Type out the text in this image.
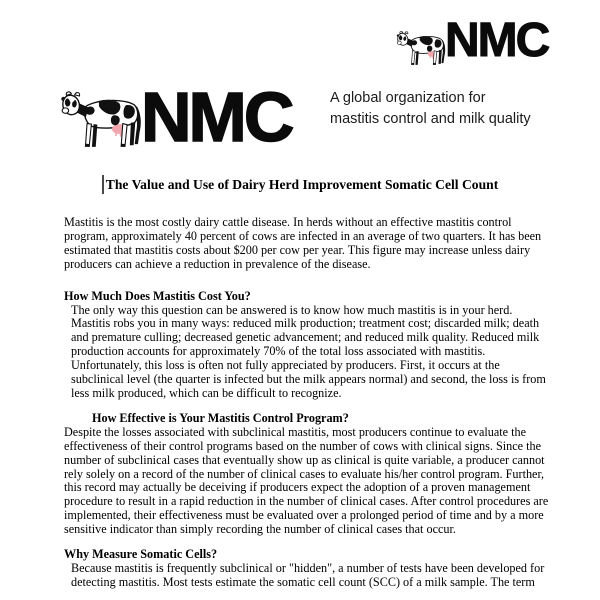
NMC
NMC	A global organization for
mastitis control and milk quality
The Value and Use of Dairy Herd Improvement Somatic Cell Count

Mastitis is the most costly dairy cattle disease. In herds without an effective mastitis control program, approximately 40 percent of cows are infected in an average of two quarters. It has been estimated that mastitis costs about $200 per cow per year. This figure may increase unless dairy producers can achieve a reduction in prevalence of the disease.

How Much Does Mastitis Cost You?

The only way this question can be answered is to know how much mastitis is in your herd. Mastitis robs you in many ways: reduced milk production; treatment cost; discarded milk; death and premature culling; decreased genetic advancement; and reduced milk quality. Reduced milk production accounts for approximately 70% of the total loss associated with mastitis. Unfortunately, this loss is often not fully appreciated by producers. First, it occurs at the subclinical level (the quarter is infected but the milk appears normal) and second, the loss is from less milk produced, which can be difficult to recognize.

How Effective is Your Mastitis Control Program?

Despite the losses associated with subclinical mastitis, most producers continue to evaluate the effectiveness of their control programs based on the number of cows with clinical signs. Since the number of subclinical cases that eventually show up as clinical is quite variable, a producer cannot rely solely on a record of the number of clinical cases to evaluate his/her control program. Further, this record may actually be deceiving if producers expect the adoption of a proven management procedure to result in a rapid reduction in the number of clinical cases. After control procedures are implemented, their effectiveness must be evaluated over a prolonged period of time and by a more sensitive indicator than simply recording the number of clinical cases that occur.

Why Measure Somatic Cells?

Because mastitis is frequently subclinical or "hidden", a number of tests have been developed for detecting mastitis. Most tests estimate the somatic cell count (SCC) of a milk sample. The term
